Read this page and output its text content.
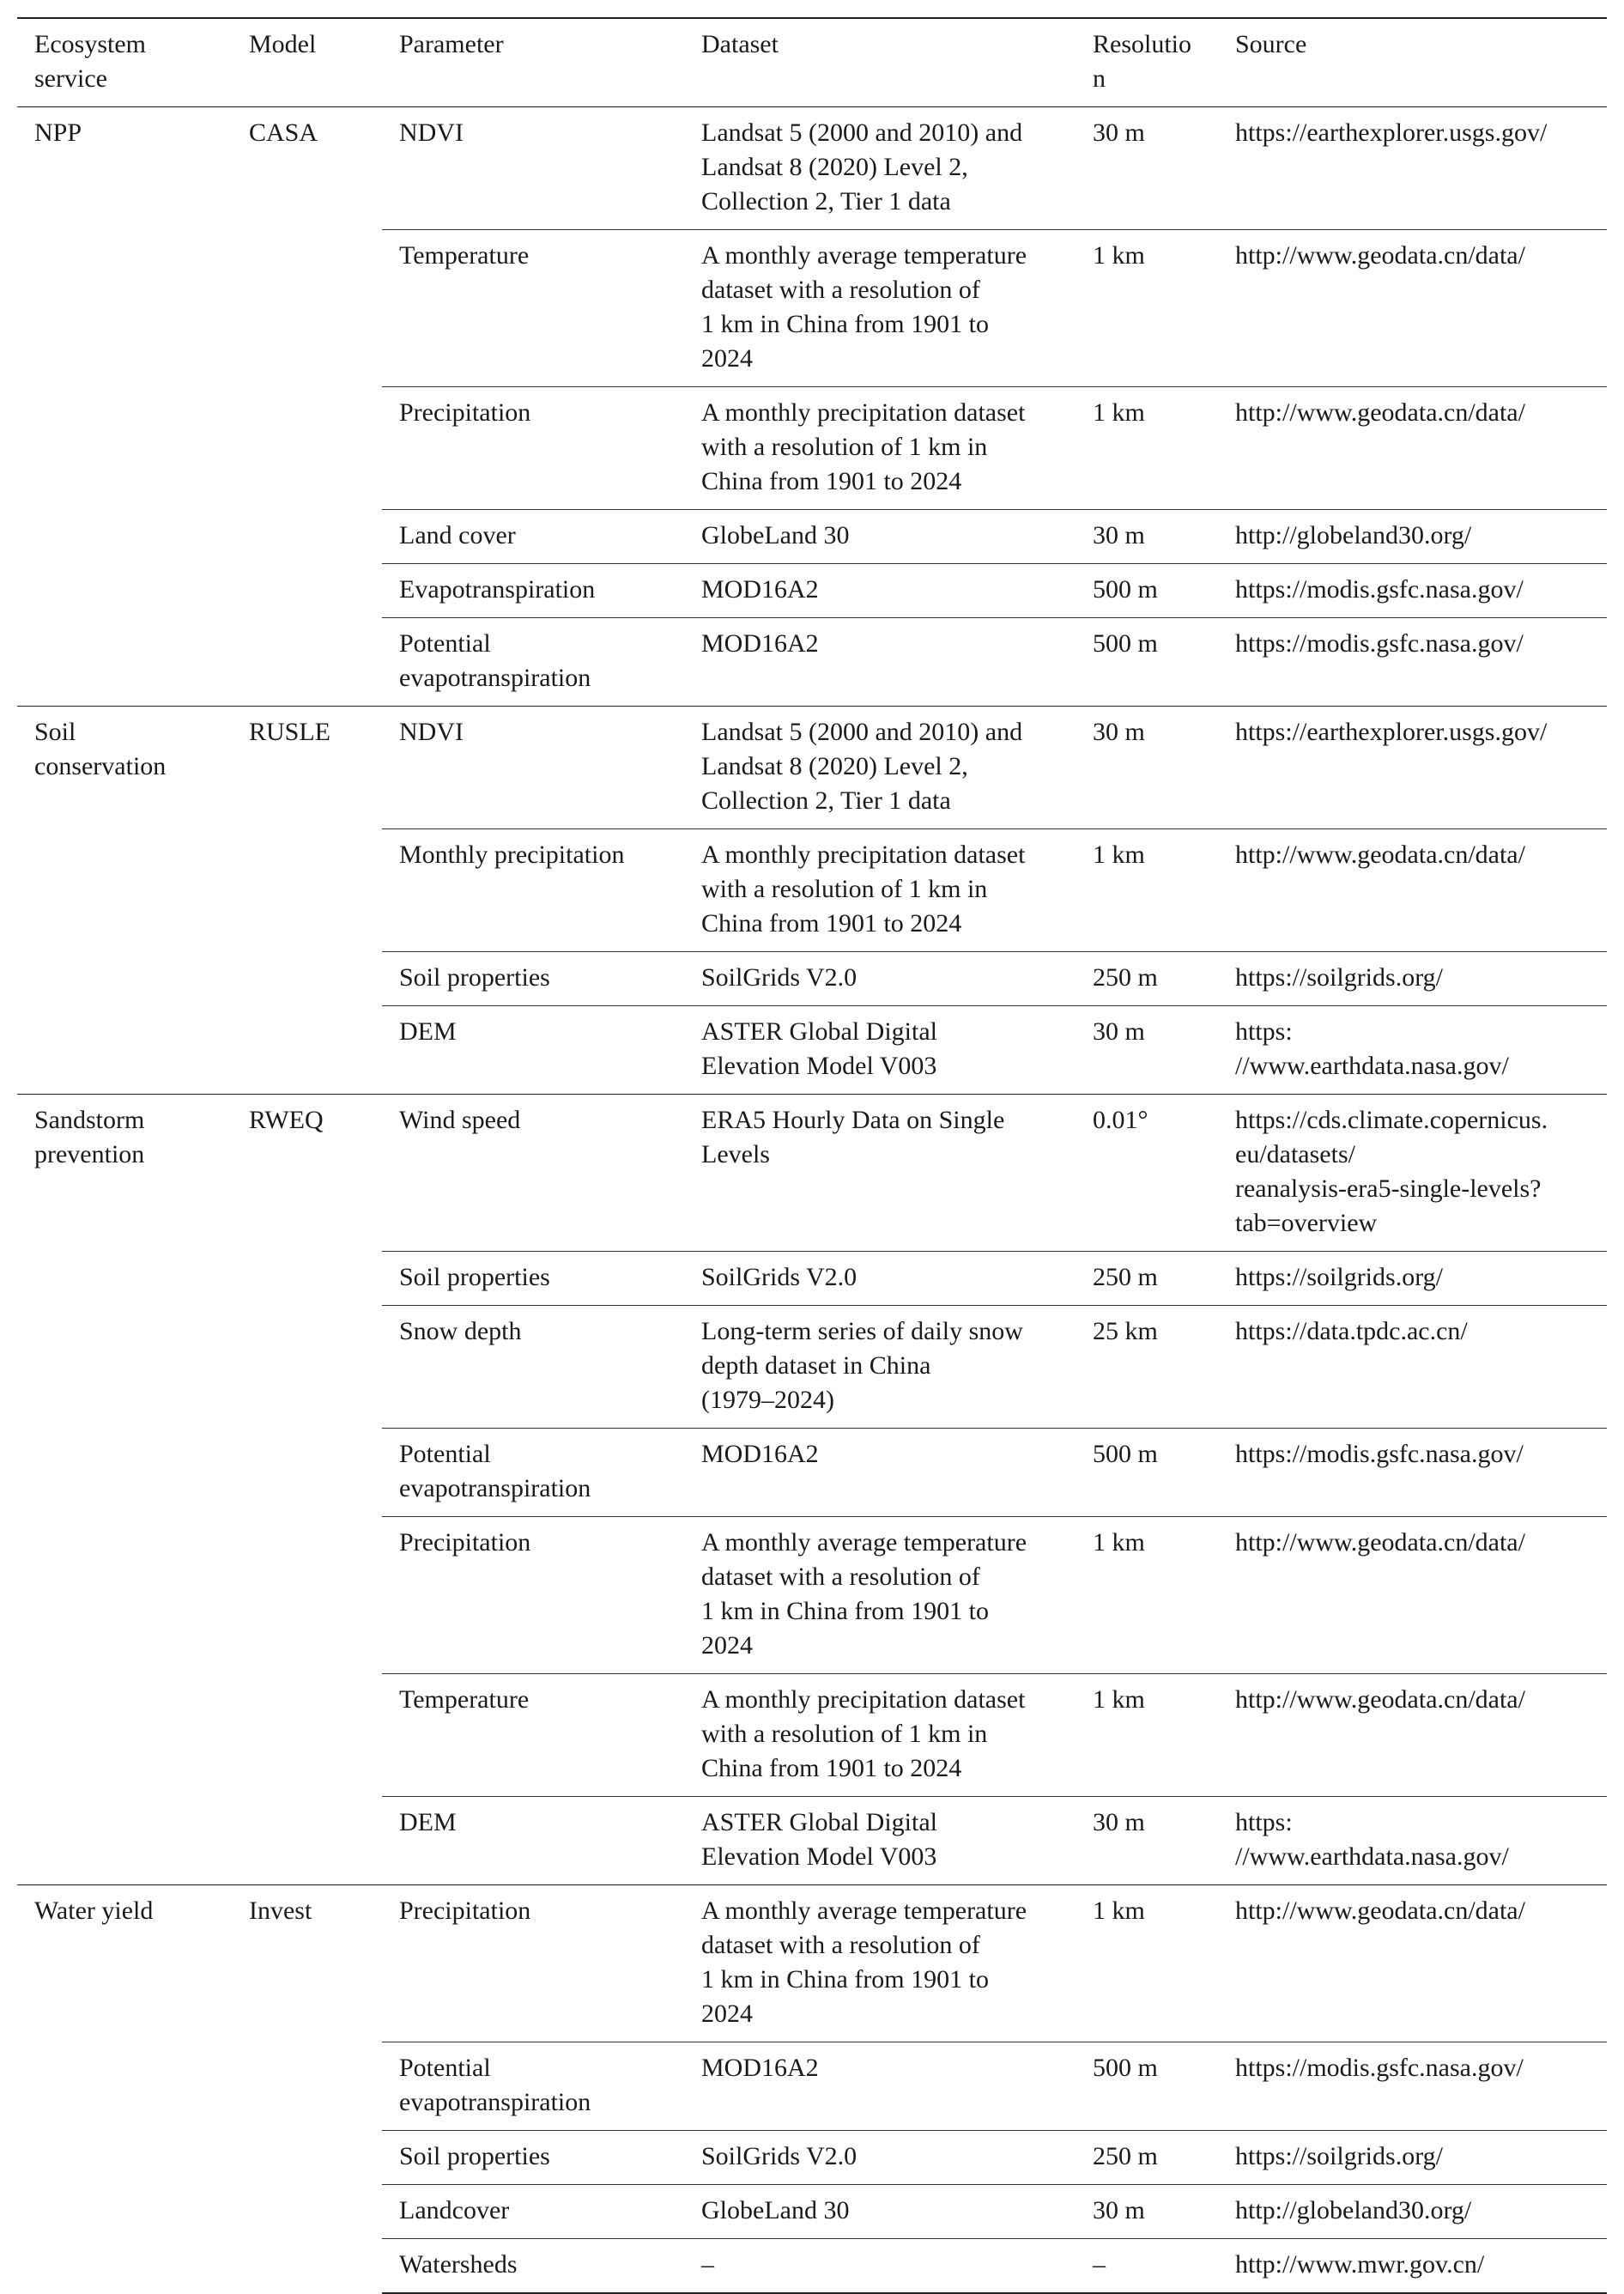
Ecosystem
service	Model	Parameter	Dataset	Resolution	Source
NPP	CASA	NDVI	Landsat 5 (2000 and 2010) and
Landsat 8 (2020) Level 2,
Collection 2, Tier 1 data	30 m	https://earthexplorer.usgs.gov/
		Temperature	A monthly average temperature
dataset with a resolution of
1 km in China from 1901 to
2024	1 km	http://www.geodata.cn/data/
		Precipitation	A monthly precipitation dataset
with a resolution of 1 km in
China from 1901 to 2024	1 km	http://www.geodata.cn/data/
		Land cover	GlobeLand 30	30 m	http://globeland30.org/
		Evapotranspiration	MOD16A2	500 m	https://modis.gsfc.nasa.gov/
		Potential
evapotranspiration	MOD16A2	500 m	https://modis.gsfc.nasa.gov/
Soil
conservation	RUSLE	NDVI	Landsat 5 (2000 and 2010) and
Landsat 8 (2020) Level 2,
Collection 2, Tier 1 data	30 m	https://earthexplorer.usgs.gov/
		Monthly precipitation	A monthly precipitation dataset
with a resolution of 1 km in
China from 1901 to 2024	1 km	http://www.geodata.cn/data/
		Soil properties	SoilGrids V2.0	250 m	https://soilgrids.org/
		DEM	ASTER Global Digital
Elevation Model V003	30 m	https:
//www.earthdata.nasa.gov/
Sandstorm
prevention	RWEQ	Wind speed	ERA5 Hourly Data on Single
Levels	0.01°	https://cds.climate.copernicus.
eu/datasets/
reanalysis-era5-single-levels?
tab=overview
		Soil properties	SoilGrids V2.0	250 m	https://soilgrids.org/
		Snow depth	Long-term series of daily snow
depth dataset in China
(1979–2024)	25 km	https://data.tpdc.ac.cn/
		Potential
evapotranspiration	MOD16A2	500 m	https://modis.gsfc.nasa.gov/
		Precipitation	A monthly average temperature
dataset with a resolution of
1 km in China from 1901 to
2024	1 km	http://www.geodata.cn/data/
		Temperature	A monthly precipitation dataset
with a resolution of 1 km in
China from 1901 to 2024	1 km	http://www.geodata.cn/data/
		DEM	ASTER Global Digital
Elevation Model V003	30 m	https:
//www.earthdata.nasa.gov/
Water yield	Invest	Precipitation	A monthly average temperature
dataset with a resolution of
1 km in China from 1901 to
2024	1 km	http://www.geodata.cn/data/
		Potential
evapotranspiration	MOD16A2	500 m	https://modis.gsfc.nasa.gov/
		Soil properties	SoilGrids V2.0	250 m	https://soilgrids.org/
		Landcover	GlobeLand 30	30 m	http://globeland30.org/
		Watersheds	–	–	http://www.mwr.gov.cn/
